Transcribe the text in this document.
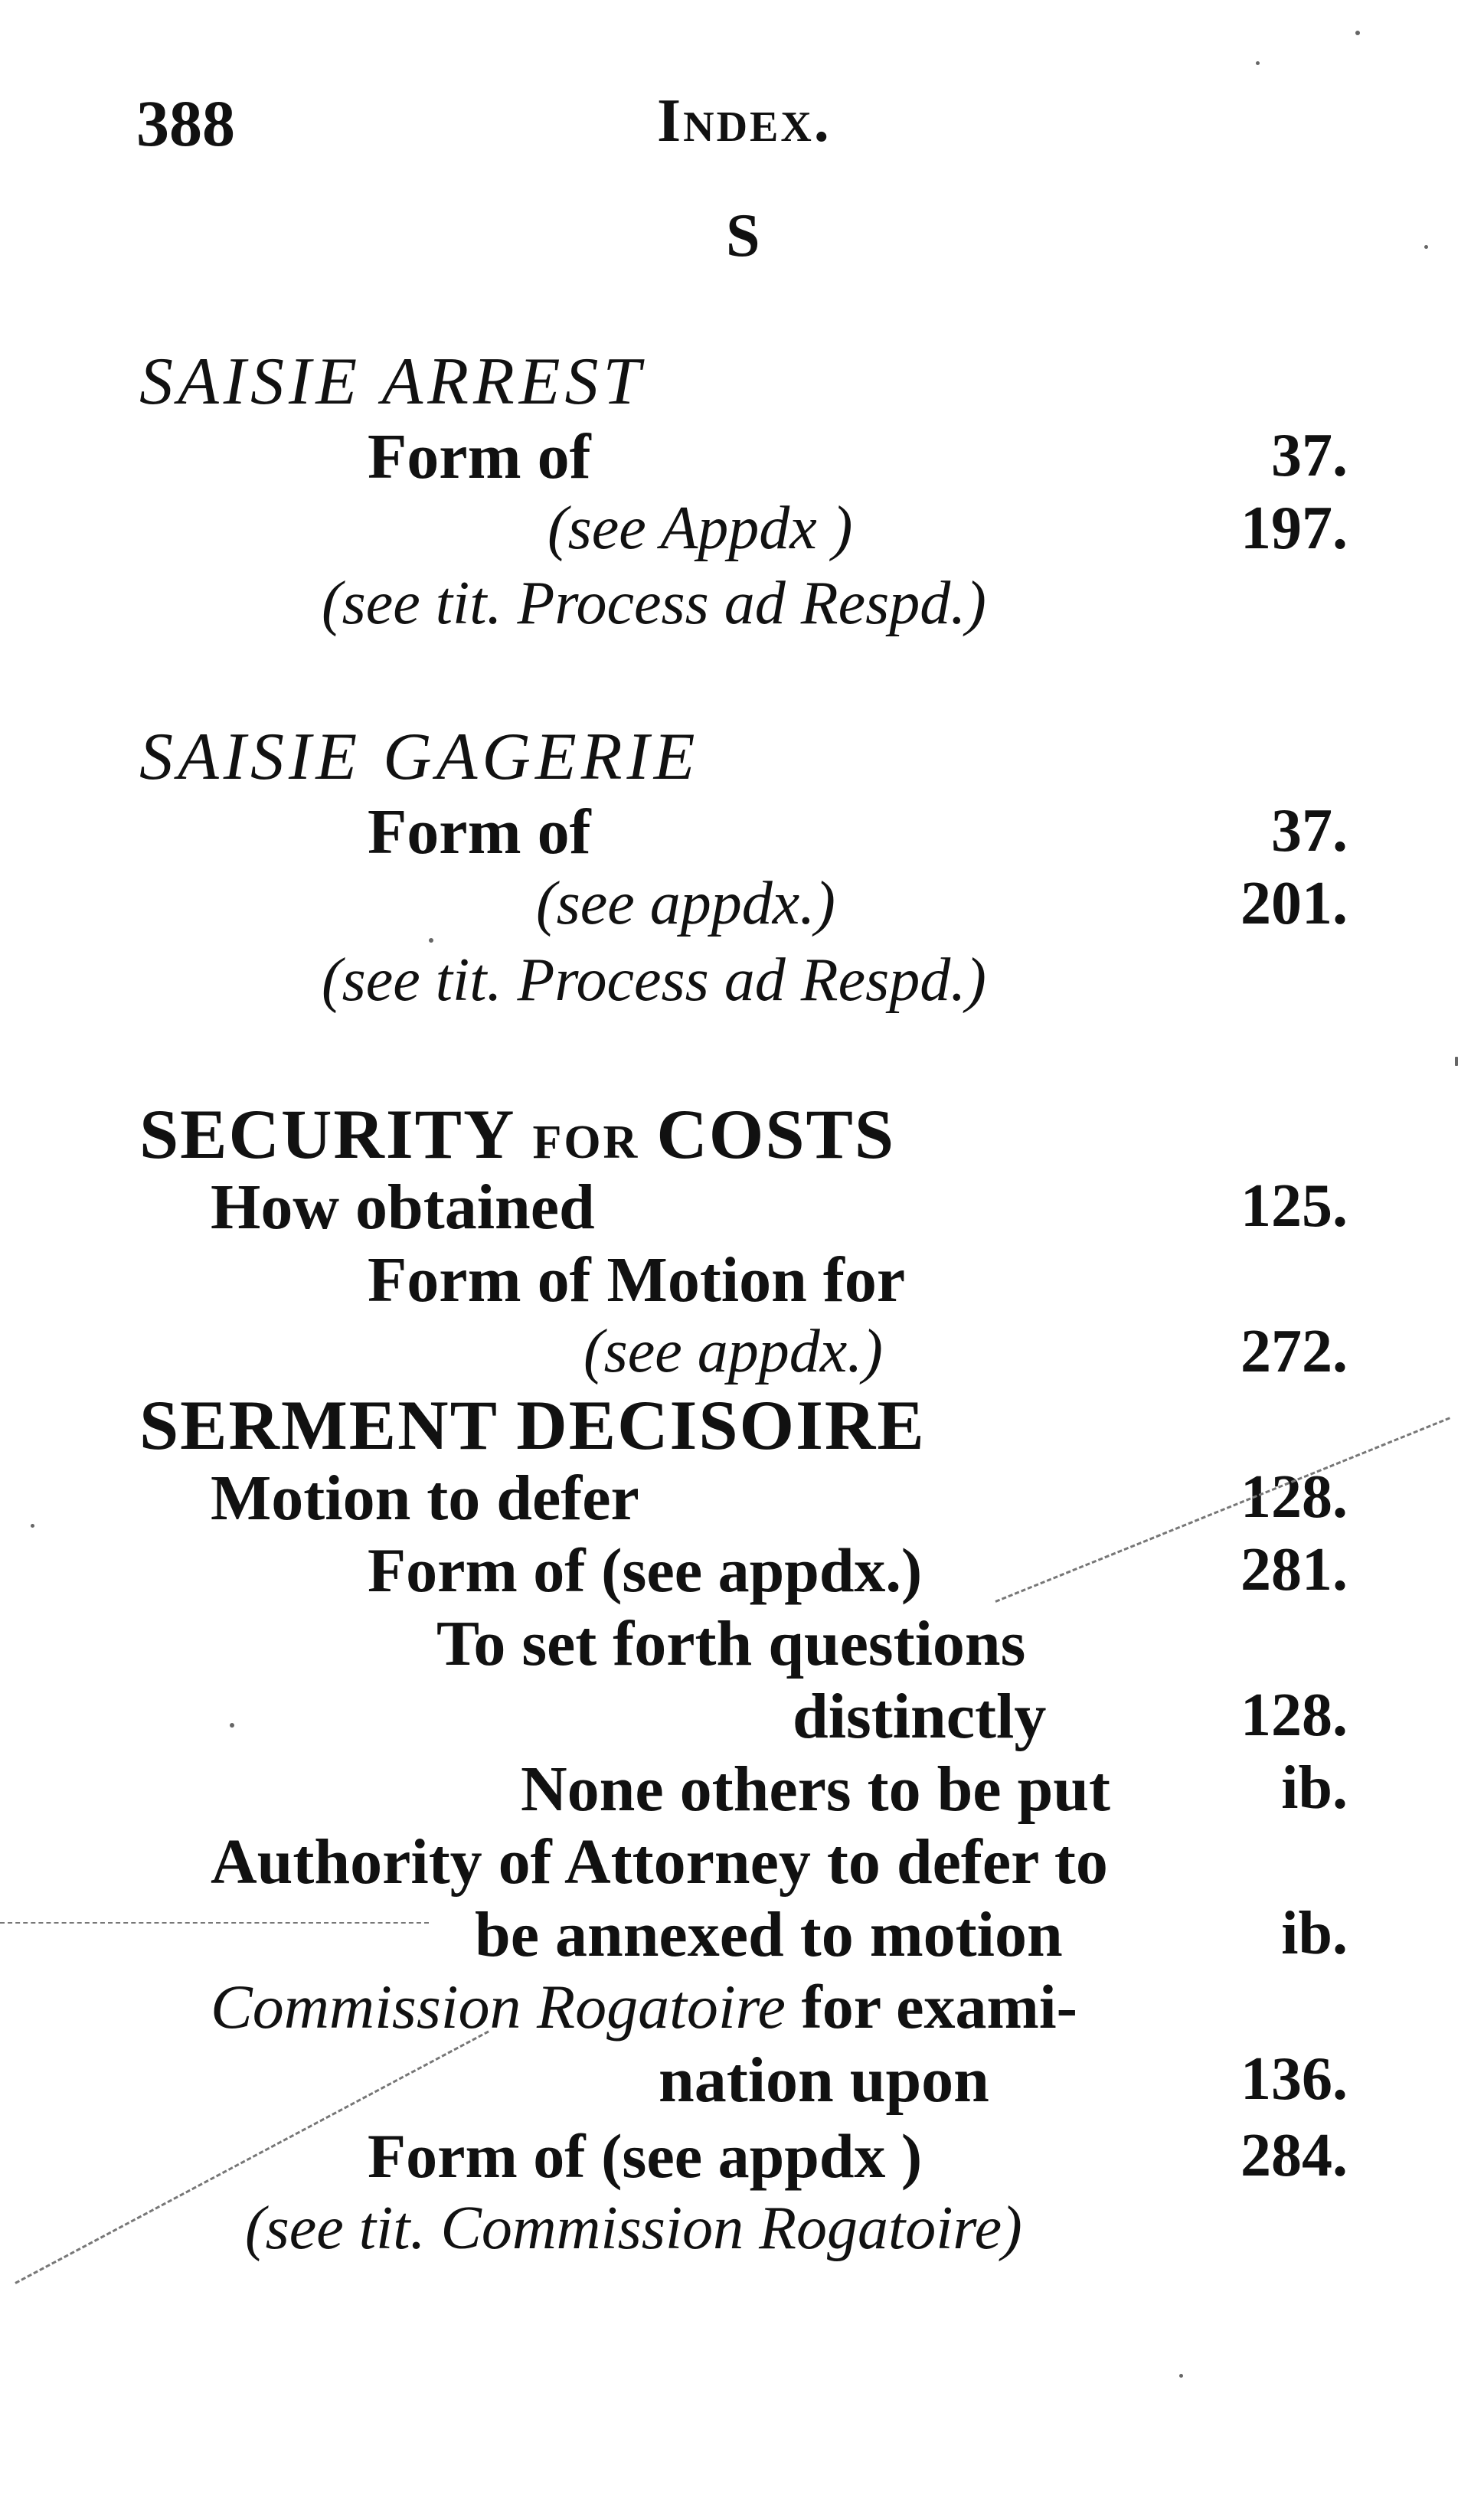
388	Index.
S
SAISIE ARREST
Form of	37.
(see Appdx )	197.
(see tit. Process ad Respd.)
SAISIE GAGERIE
Form of	37.
(see appdx.)	201.
(see tit. Process ad Respd.)
SECURITY FOR COSTS
How obtained	125.
Form of Motion for
(see appdx.)	272.
SERMENT DECISOIRE
Motion to defer	128.
Form of (see appdx.)	281.
To set forth questions
distinctly	128.
None others to be put	ib.
Authority of Attorney to defer to
be annexed to motion	ib.
Commission Rogatoire for exami-
nation upon	136.
Form of (see appdx )	284.
(see tit. Commission Rogatoire)
